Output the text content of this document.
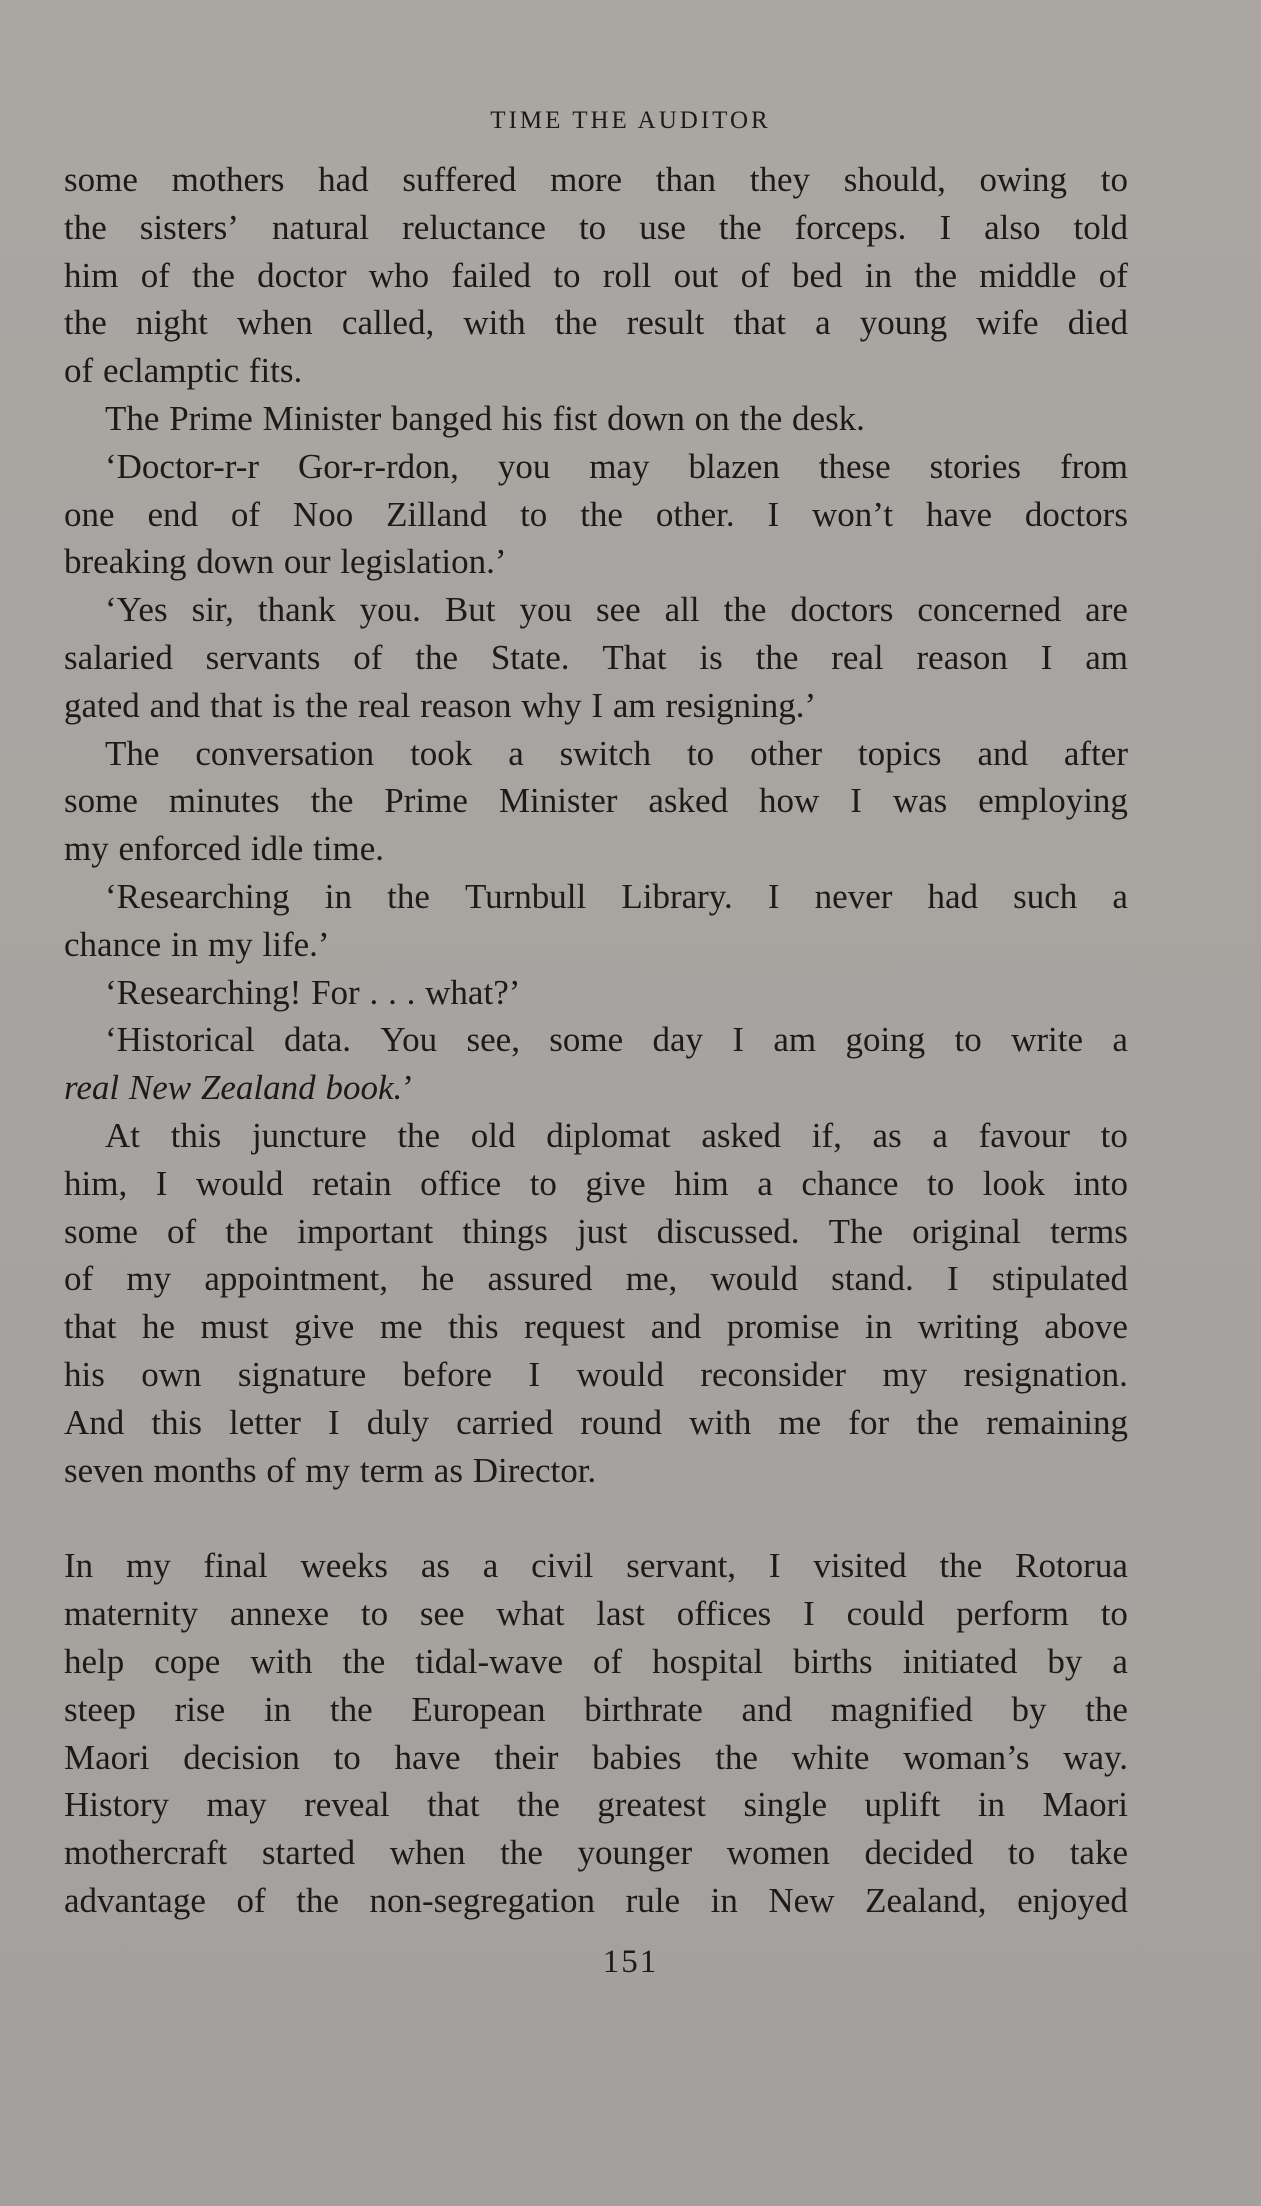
TIME THE AUDITOR
some mothers had suffered more than they should, owing to
the sisters’ natural reluctance to use the forceps. I also told
him of the doctor who failed to roll out of bed in the middle of
the night when called, with the result that a young wife died
of eclamptic fits.
The Prime Minister banged his fist down on the desk.
‘Doctor-r-r Gor-r-rdon, you may blazen these stories from
one end of Noo Zilland to the other. I won’t have doctors
breaking down our legislation.’
‘Yes sir, thank you. But you see all the doctors concerned are
salaried servants of the State. That is the real reason I am
gated and that is the real reason why I am resigning.’
The conversation took a switch to other topics and after
some minutes the Prime Minister asked how I was employing
my enforced idle time.
‘Researching in the Turnbull Library. I never had such a
chance in my life.’
‘Researching! For . . . what?’
‘Historical data. You see, some day I am going to write a
real New Zealand book.’
At this juncture the old diplomat asked if, as a favour to
him, I would retain office to give him a chance to look into
some of the important things just discussed. The original terms
of my appointment, he assured me, would stand. I stipulated
that he must give me this request and promise in writing above
his own signature before I would reconsider my resignation.
And this letter I duly carried round with me for the remaining
seven months of my term as Director.
In my final weeks as a civil servant, I visited the Rotorua
maternity annexe to see what last offices I could perform to
help cope with the tidal-wave of hospital births initiated by a
steep rise in the European birthrate and magnified by the
Maori decision to have their babies the white woman’s way.
History may reveal that the greatest single uplift in Maori
mothercraft started when the younger women decided to take
advantage of the non-segregation rule in New Zealand, enjoyed
151
